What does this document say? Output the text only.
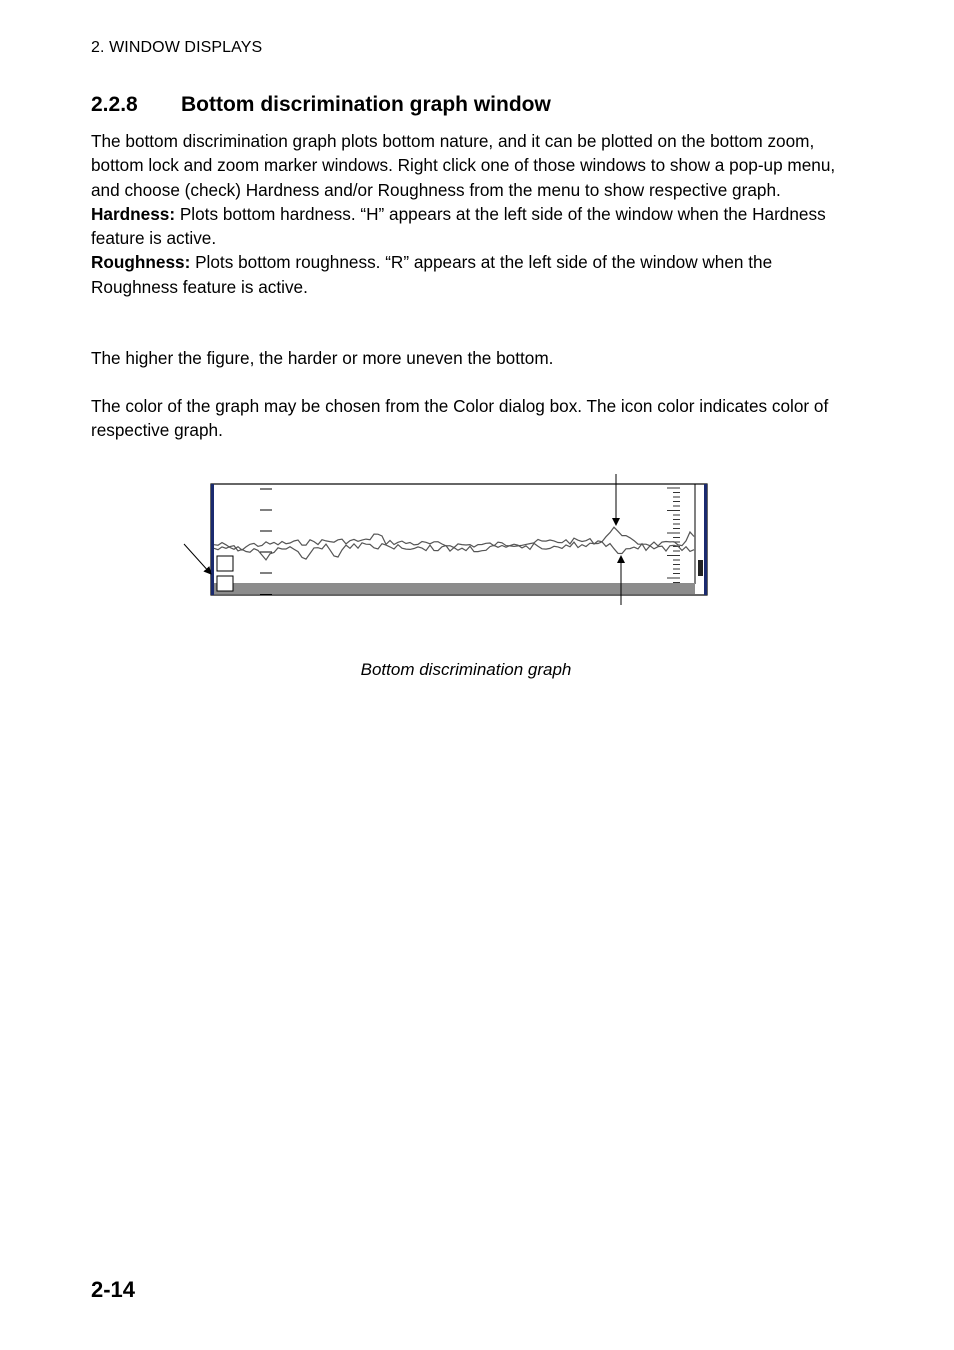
2. WINDOW DISPLAYS
2.2.8 Bottom discrimination graph window

The bottom discrimination graph plots bottom nature, and it can be plotted on the bottom zoom, bottom lock and zoom marker windows. Right click one of those windows to show a pop-up menu, and choose (check) Hardness and/or Roughness from the menu to show respective graph.

Hardness: Plots bottom hardness. “H” appears at the left side of the window when the Hardness feature is active.

Roughness: Plots bottom roughness. “R” appears at the left side of the window when the Roughness feature is active.

The higher the figure, the harder or more uneven the bottom.
The color of the graph may be chosen from the Color dialog box. The icon color indicates color of respective graph.
Bottom discrimination graph
2-14
